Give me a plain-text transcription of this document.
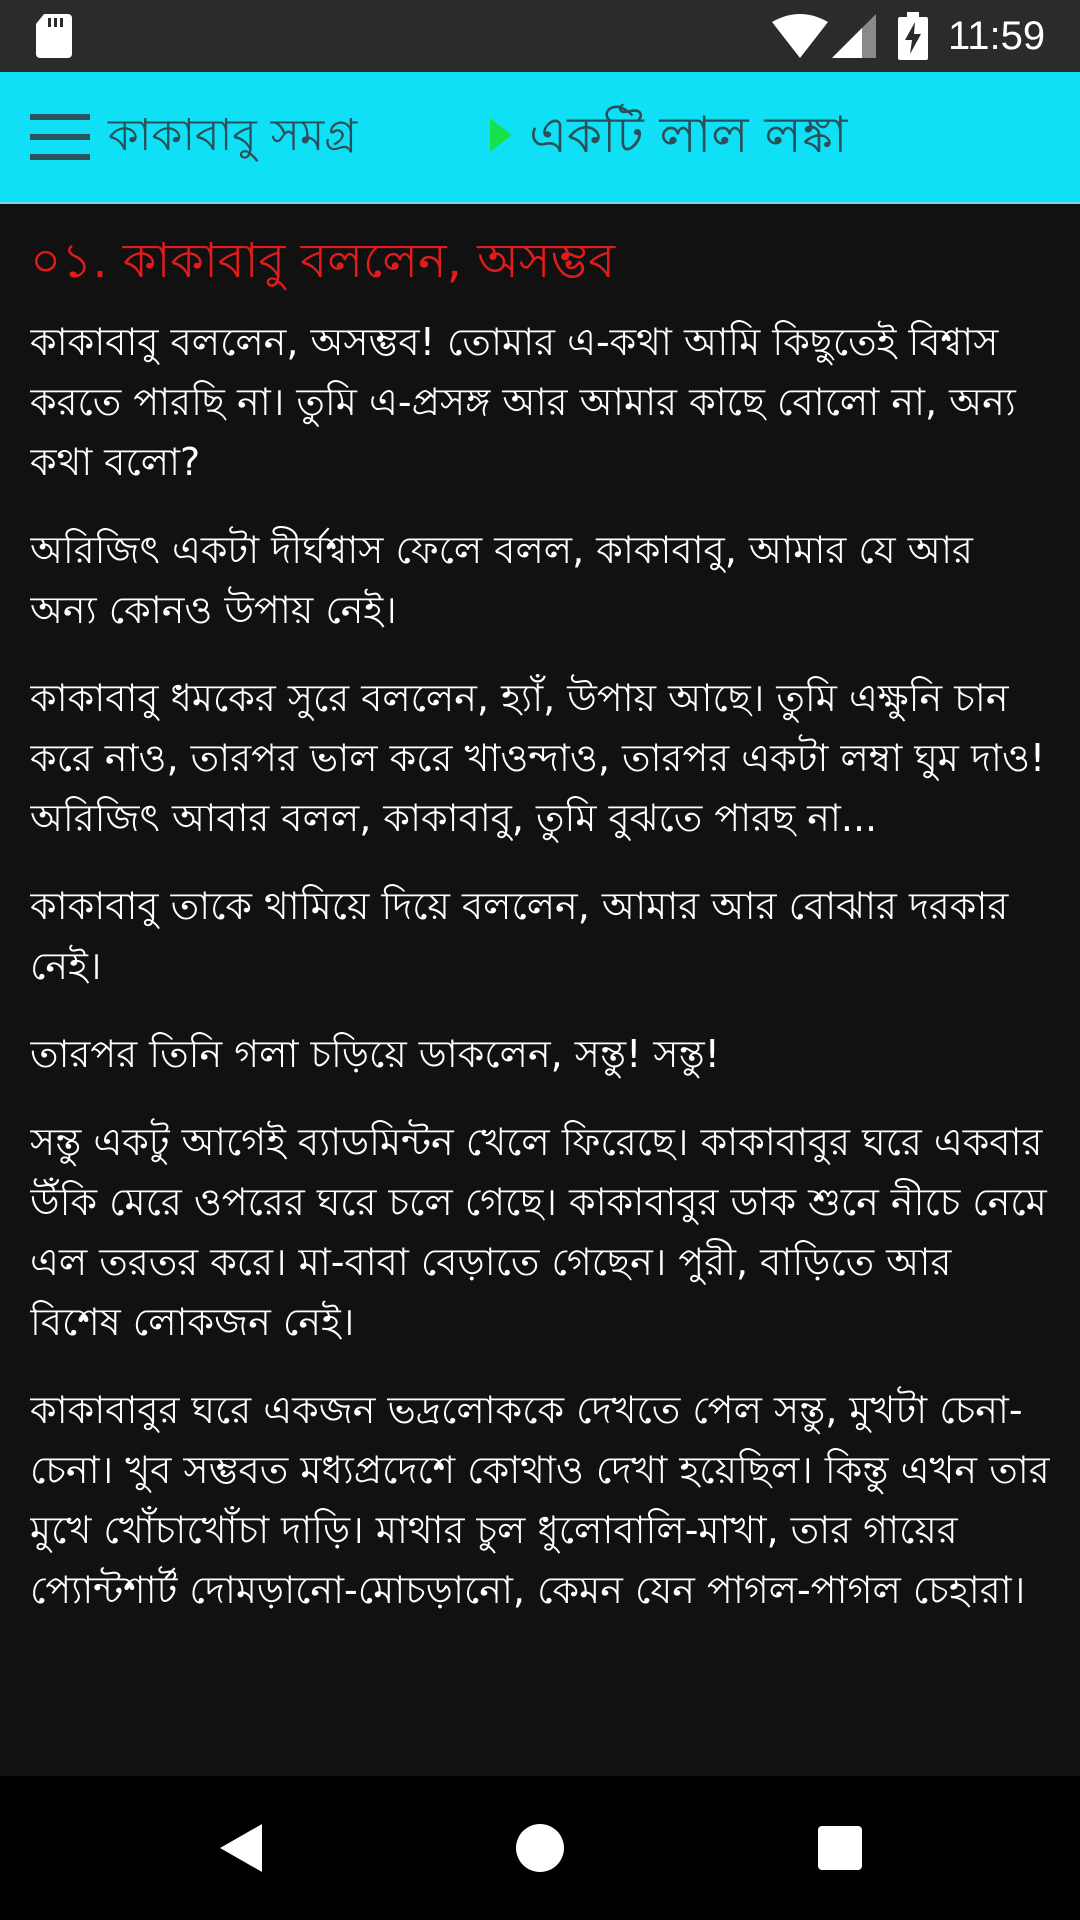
11:59
কাকাবাবু সমগ্র	একটি লাল লঙ্কা
০১. কাকাবাবু বললেন, অসম্ভব

কাকাবাবু বললেন, অসম্ভব! তোমার এ-কথা আমি কিছুতেই বিশ্বাস করতে পারছি না। তুমি এ-প্রসঙ্গ আর আমার কাছে বোলো না, অন্য কথা বলো?

অরিজিৎ একটা দীর্ঘশ্বাস ফেলে বলল, কাকাবাবু, আমার যে আর অন্য কোনও উপায় নেই।

কাকাবাবু ধমকের সুরে বললেন, হ্যাঁ, উপায় আছে। তুমি এক্ষুনি চান করে নাও, তারপর ভাল করে খাওন্দাও, তারপর একটা লম্বা ঘুম দাও! অরিজিৎ আবার বলল, কাকাবাবু, তুমি বুঝতে পারছ না...

কাকাবাবু তাকে থামিয়ে দিয়ে বললেন, আমার আর বোঝার দরকার নেই।

তারপর তিনি গলা চড়িয়ে ডাকলেন, সন্তু! সন্তু!

সন্তু একটু আগেই ব্যাডমিন্টন খেলে ফিরেছে। কাকাবাবুর ঘরে একবার উঁকি মেরে ওপরের ঘরে চলে গেছে। কাকাবাবুর ডাক শুনে নীচে নেমে এল তরতর করে। মা-বাবা বেড়াতে গেছেন। পুরী, বাড়িতে আর বিশেষ লোকজন নেই।

কাকাবাবুর ঘরে একজন ভদ্রলোককে দেখতে পেল সন্তু, মুখটা চেনা-চেনা। খুব সম্ভবত মধ্যপ্রদেশে কোথাও দেখা হয়েছিল। কিন্তু এখন তার মুখে খোঁচাখোঁচা দাড়ি। মাথার চুল ধুলোবালি-মাখা, তার গায়ের প্যোন্টশার্ট দোমড়ানো-মোচড়ানো, কেমন যেন পাগল-পাগল চেহারা।
